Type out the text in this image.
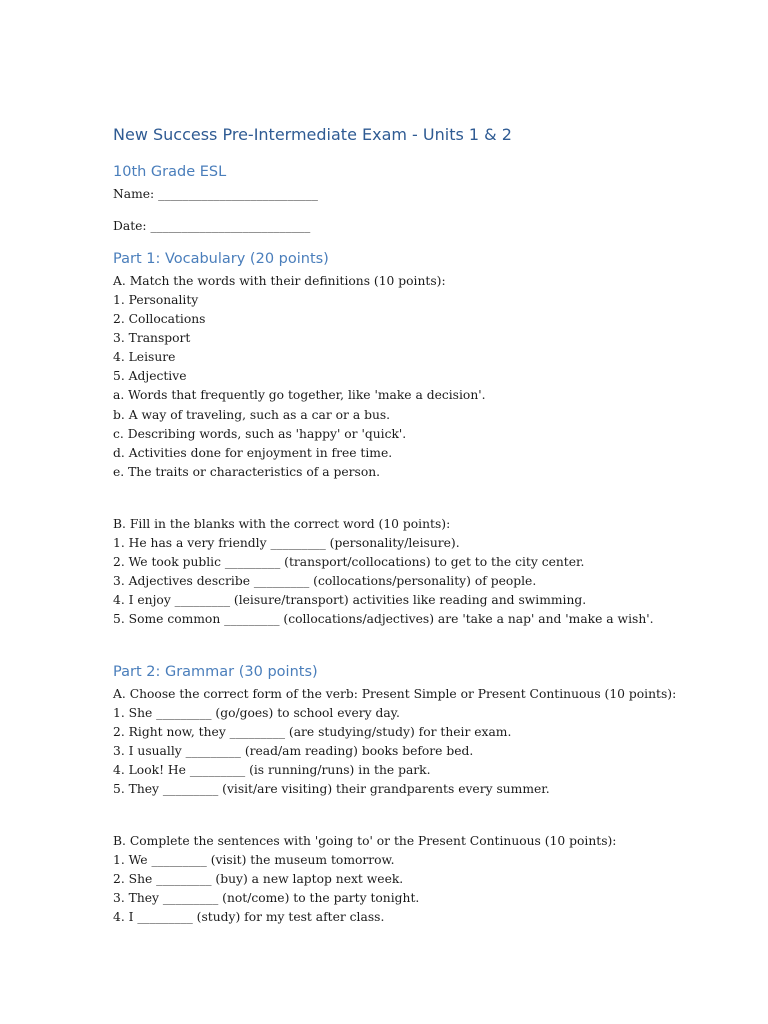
New Success Pre-Intermediate Exam - Units 1 & 2
10th Grade ESL

Name: __________________________

Date: __________________________

Part 1: Vocabulary (20 points)

A. Match the words with their definitions (10 points):

1. Personality
2. Collocations
3. Transport
4. Leisure
5. Adjective
a. Words that frequently go together, like 'make a decision'.
b. A way of traveling, such as a car or a bus.
c. Describing words, such as 'happy' or 'quick'.
d. Activities done for enjoyment in free time.
e. The traits or characteristics of a person.

B. Fill in the blanks with the correct word (10 points):

1. He has a very friendly _________ (personality/leisure).
2. We took public _________ (transport/collocations) to get to the city center.
3. Adjectives describe _________ (collocations/personality) of people.
4. I enjoy _________ (leisure/transport) activities like reading and swimming.
5. Some common _________ (collocations/adjectives) are 'take a nap' and 'make a wish'.
Part 2: Grammar (30 points)

A. Choose the correct form of the verb: Present Simple or Present Continuous (10 points):

1. She _________ (go/goes) to school every day.
2. Right now, they _________ (are studying/study) for their exam.
3. I usually _________ (read/am reading) books before bed.
4. Look! He _________ (is running/runs) in the park.
5. They _________ (visit/are visiting) their grandparents every summer.

B. Complete the sentences with 'going to' or the Present Continuous (10 points):

1. We _________ (visit) the museum tomorrow.
2. She _________ (buy) a new laptop next week.
3. They _________ (not/come) to the party tonight.
4. I _________ (study) for my test after class.
